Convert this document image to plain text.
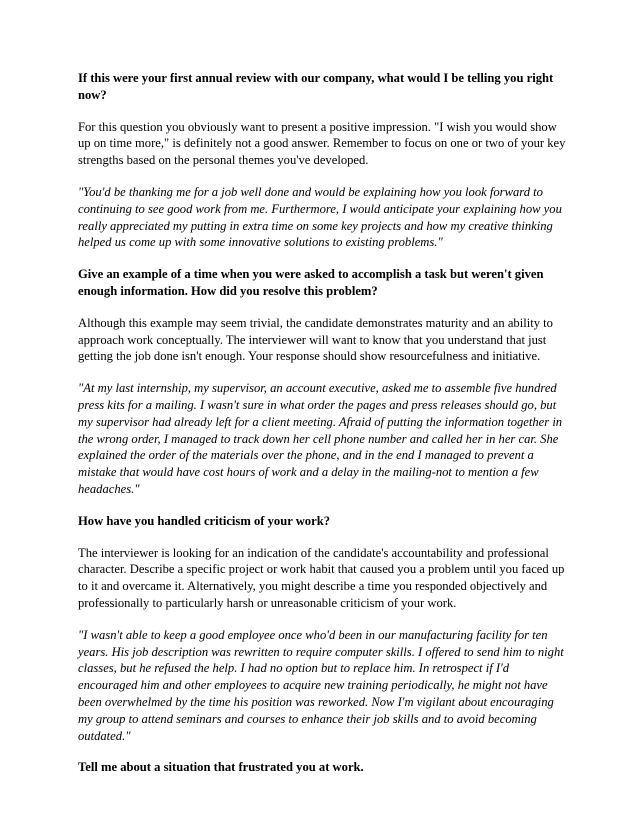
If this were your first annual review with our company, what would I be telling you right now?
For this question you obviously want to present a positive impression. "I wish you would show up on time more," is definitely not a good answer. Remember to focus on one or two of your key strengths based on the personal themes you've developed.
"You'd be thanking me for a job well done and would be explaining how you look forward to continuing to see good work from me. Furthermore, I would anticipate your explaining how you really appreciated my putting in extra time on some key projects and how my creative thinking helped us come up with some innovative solutions to existing problems."
Give an example of a time when you were asked to accomplish a task but weren't given enough information. How did you resolve this problem?
Although this example may seem trivial, the candidate demonstrates maturity and an ability to approach work conceptually. The interviewer will want to know that you understand that just getting the job done isn't enough. Your response should show resourcefulness and initiative.
"At my last internship, my supervisor, an account executive, asked me to assemble five hundred press kits for a mailing. I wasn't sure in what order the pages and press releases should go, but my supervisor had already left for a client meeting. Afraid of putting the information together in the wrong order, I managed to track down her cell phone number and called her in her car. She explained the order of the materials over the phone, and in the end I managed to prevent a mistake that would have cost hours of work and a delay in the mailing-not to mention a few headaches."
How have you handled criticism of your work?
The interviewer is looking for an indication of the candidate's accountability and professional character. Describe a specific project or work habit that caused you a problem until you faced up to it and overcame it. Alternatively, you might describe a time you responded objectively and professionally to particularly harsh or unreasonable criticism of your work.
"I wasn't able to keep a good employee once who'd been in our manufacturing facility for ten years. His job description was rewritten to require computer skills. I offered to send him to night classes, but he refused the help. I had no option but to replace him. In retrospect if I'd encouraged him and other employees to acquire new training periodically, he might not have been overwhelmed by the time his position was reworked. Now I'm vigilant about encouraging my group to attend seminars and courses to enhance their job skills and to avoid becoming outdated."
Tell me about a situation that frustrated you at work.
